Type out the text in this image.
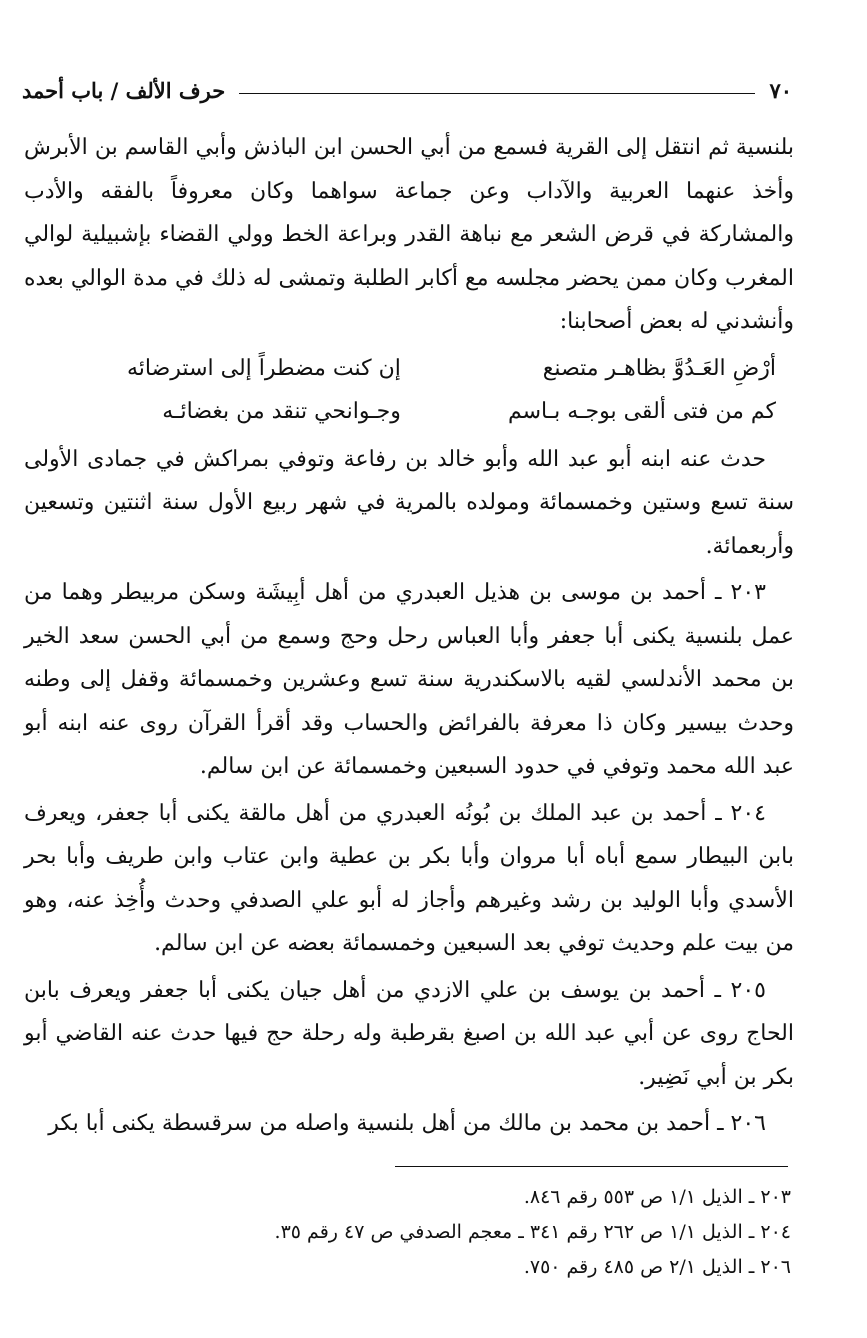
٧٠
حرف الألف / باب أحمد

بلنسية ثم انتقل إلى القرية فسمع من أبي الحسن ابن الباذش وأبي القاسم بن الأبرش وأخذ عنهما العربية والآداب وعن جماعة سواهما وكان معروفاً بالفقه والأدب والمشاركة في قرض الشعر مع نباهة القدر وبراعة الخط وولي القضاء بإشبيلية لوالي المغرب وكان ممن يحضر مجلسه مع أكابر الطلبة وتمشى له ذلك في مدة الوالي بعده وأنشدني له بعض أصحابنا:

أرْضِ العَـدُوَّ بظاهـر متصنع
إن كنت مضطراً إلى استرضائه
كم من فتى ألقى بوجـه بـاسم
وجـوانحي تنقد من بغضائـه

حدث عنه ابنه أبو عبد الله وأبو خالد بن رفاعة وتوفي بمراكش في جمادى الأولى سنة تسع وستين وخمسمائة ومولده بالمرية في شهر ربيع الأول سنة اثنتين وتسعين وأربعمائة.

٢٠٣ ـ أحمد بن موسى بن هذيل العبدري من أهل أبِيشَة وسكن مربيطر وهما من عمل بلنسية يكنى أبا جعفر وأبا العباس رحل وحج وسمع من أبي الحسن سعد الخير بن محمد الأندلسي لقيه بالاسكندرية سنة تسع وعشرين وخمسمائة وقفل إلى وطنه وحدث بيسير وكان ذا معرفة بالفرائض والحساب وقد أقرأ القرآن روى عنه ابنه أبو عبد الله محمد وتوفي في حدود السبعين وخمسمائة عن ابن سالم.

٢٠٤ ـ أحمد بن عبد الملك بن بُونُه العبدري من أهل مالقة يكنى أبا جعفر، ويعرف بابن البيطار سمع أباه أبا مروان وأبا بكر بن عطية وابن عتاب وابن طريف وأبا بحر الأسدي وأبا الوليد بن رشد وغيرهم وأجاز له أبو علي الصدفي وحدث وأُخِذ عنه، وهو من بيت علم وحديث توفي بعد السبعين وخمسمائة بعضه عن ابن سالم.

٢٠٥ ـ أحمد بن يوسف بن علي الازدي من أهل جيان يكنى أبا جعفر ويعرف بابن الحاج روى عن أبي عبد الله بن اصبغ بقرطبة وله رحلة حج فيها حدث عنه القاضي أبو بكر بن أبي نَضِير.

٢٠٦ ـ أحمد بن محمد بن مالك من أهل بلنسية واصله من سرقسطة يكنى أبا بكر

٢٠٣ ـ الذيل ١/١ ص ٥٥٣ رقم ٨٤٦.
٢٠٤ ـ الذيل ١/١ ص ٢٦٢ رقم ٣٤١ ـ معجم الصدفي ص ٤٧ رقم ٣٥.
٢٠٦ ـ الذيل ٢/١ ص ٤٨٥ رقم ٧٥٠.
